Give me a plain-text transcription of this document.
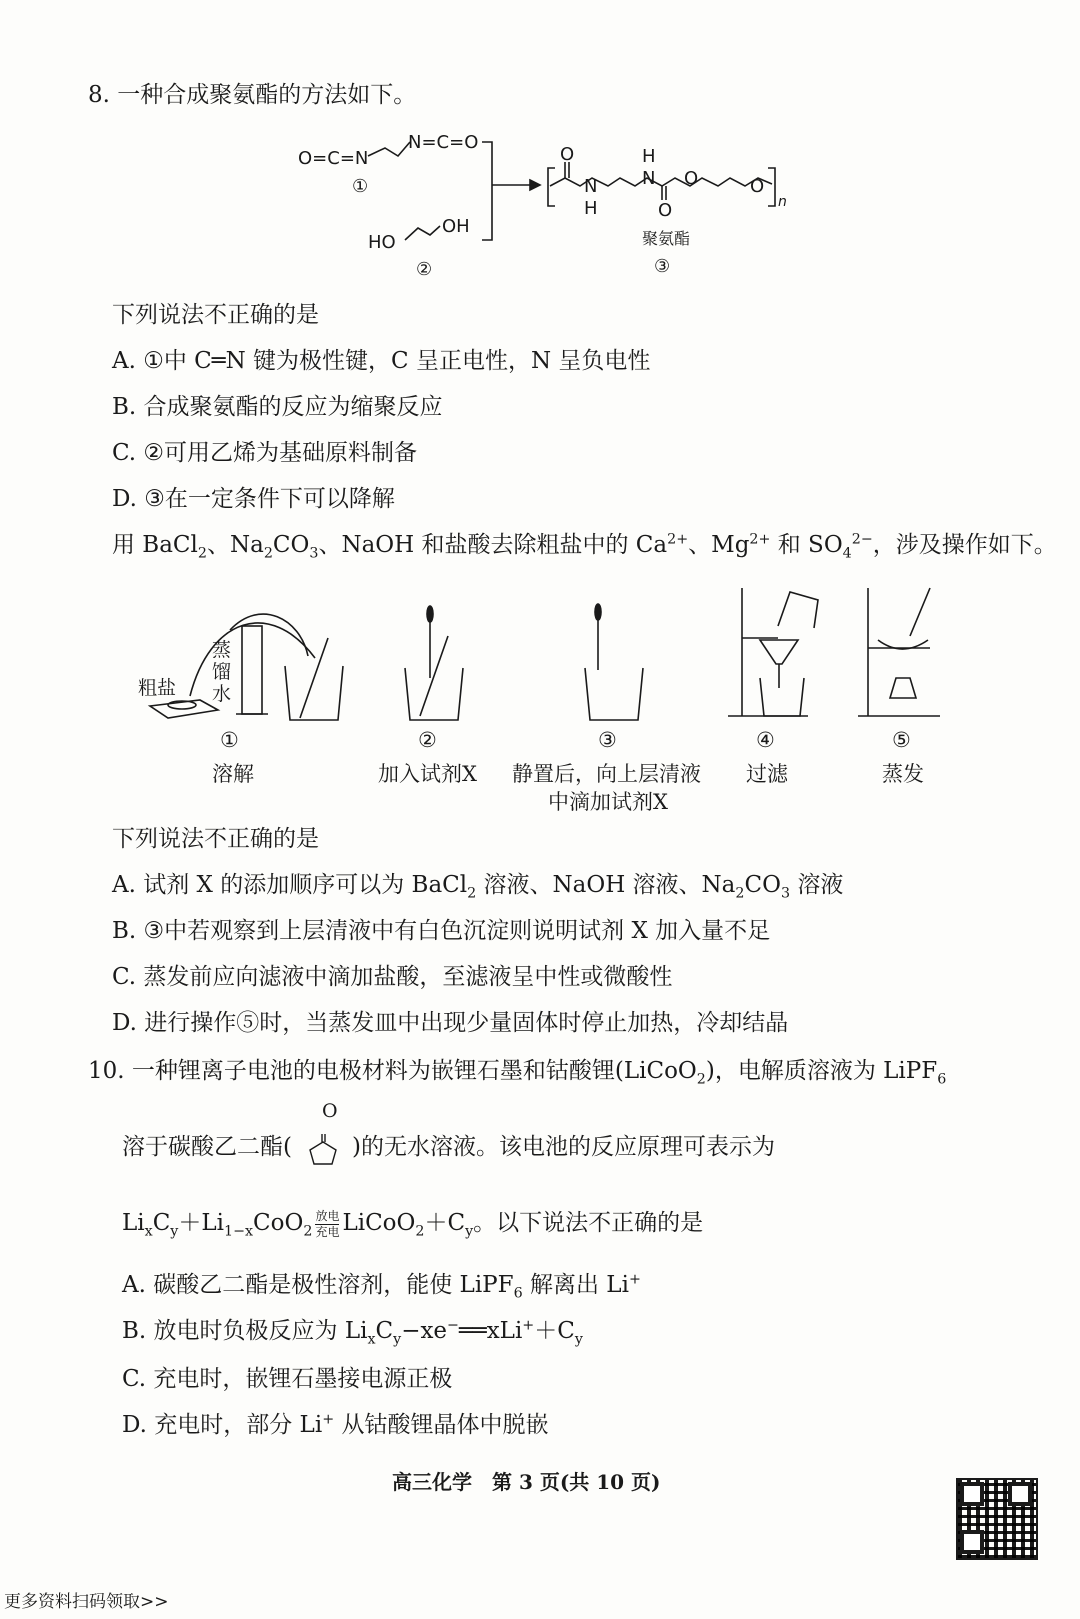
8. 一种合成聚氨酯的方法如下。
N=C=O
O=C=N
①
HO
OH
②
O
N
H
H
N
O
O	O
n
聚氨酯
③
下列说法不正确的是
A. ①中 C═N 键为极性键，C 呈正电性，N 呈负电性
B. 合成聚氨酯的反应为缩聚反应
C. ②可用乙烯为基础原料制备
D. ③在一定条件下可以降解
用 BaCl$_2$、$Na_2CO_3$、NaOH 和盐酸去除粗盐中的 $Ca^{2+}$、$Mg^{2+}$ 和 $SO_4^{2-}$，涉及操作如下。
粗盐
蒸
馏
水
①
溶解
②
加入试剂X
③
静置后，向上层清液
中滴加试剂X
④
过滤
⑤
蒸发
下列说法不正确的是
A. 试剂 X 的添加顺序可以为 BaCl$_2$ 溶液、NaOH 溶液、$Na_2CO_3$ 溶液
B. ③中若观察到上层清液中有白色沉淀则说明试剂 X 加入量不足
C. 蒸发前应向滤液中滴加盐酸，至滤液呈中性或微酸性
D. 进行操作⑤时，当蒸发皿中出现少量固体时停止加热，冷却结晶
10. 一种锂离子电池的电极材料为嵌锂石墨和钴酸锂(LiCoO$_2$)，电解质溶液为 LiPF$_6$
溶于碳酸乙二酯(	)的无水溶液。该电池的反应原理可表示为
O
$Li_xC_y+Li_{1-x}CoO_2 \frac{\text{放电}}{\text{充电}}$ $LiCoO_2+C_y$。以下说法不正确的是
A. 碳酸乙二酯是极性溶剂，能使 LiPF$_6$ 解离出 Li+
B. 放电时负极反应为 $Li_xC_y-xe^-══xLi^++C_y$
C. 充电时，嵌锂石墨接电源正极
D. 充电时，部分 Li+ 从钴酸锂晶体中脱嵌
高三化学　第 3 页(共 10 页)
更多资料扫码领取>>
